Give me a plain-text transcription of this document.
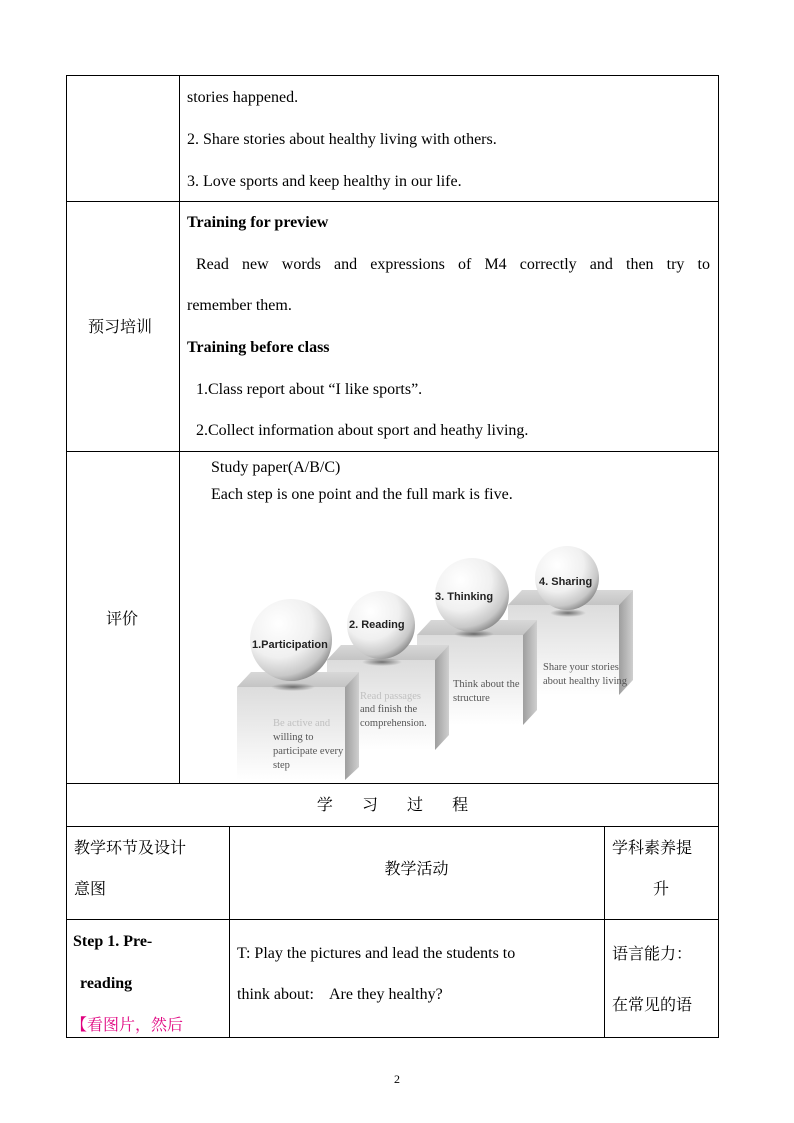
stories happened.
2. Share stories about healthy living with others.
3. Love sports and keep healthy in our life.
预习培训
Training for preview
Read new words and expressions of M4 correctly and then try to
remember them.
Training before class
1.Class report about “I like sports”.
2.Collect information about sport and heathy living.
评价
Study paper(A/B/C)
Each step is one point and the full mark is five.
1.Participation
2. Reading
3. Thinking
4. Sharing
Be active and
willing to
participate every
step
Read passages
and finish the
comprehension.
Think about the
structure
Share your stories
about healthy living
学 习 过 程
教学环节及设计
意图
教学活动
学科素养提
升
Step 1. Pre-
reading
【看图片，然后
T: Play the pictures and lead the students to
think about:    Are they healthy?
语言能力：
在常见的语
2
